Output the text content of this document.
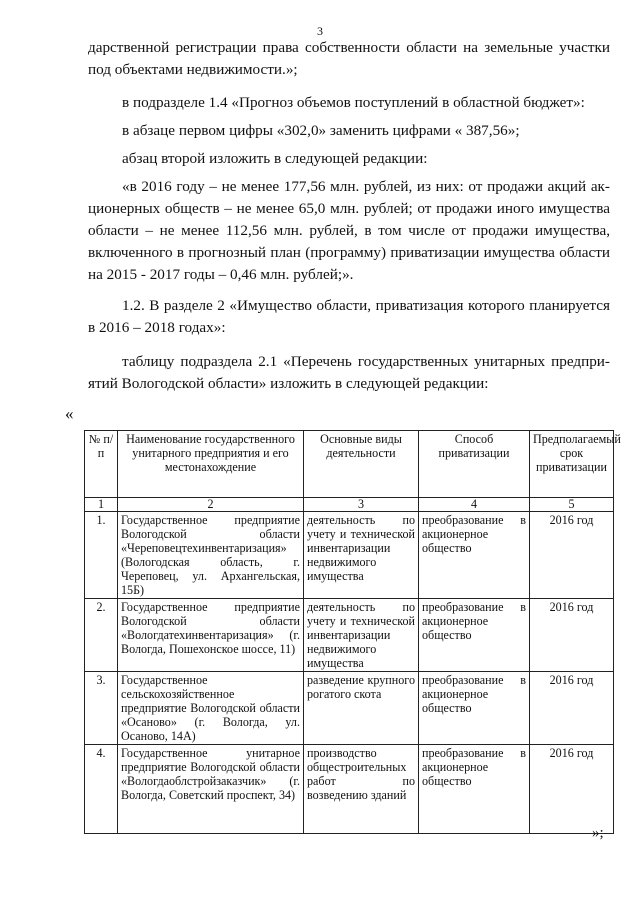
3
дарственной регистрации права собственности области на земельные участки
под объектами недвижимости.»;
в подразделе 1.4 «Прогноз объемов поступлений в областной бюджет»:
в абзаце первом цифры «302,0» заменить цифрами « 387,56»;
абзац второй изложить в следующей редакции:
«в 2016 году – не менее 177,56 млн. рублей, из них: от продажи акций ак-
ционерных обществ – не менее 65,0 млн. рублей; от продажи иного имущества
области – не менее 112,56 млн. рублей, в том числе от продажи имущества,
включенного в прогнозный план (программу) приватизации имущества области
на 2015 - 2017 годы – 0,46 млн. рублей;».
1.2. В разделе 2 «Имущество области, приватизация которого планируется
в 2016 – 2018 годах»:
таблицу подраздела 2.1 «Перечень государственных унитарных предпри-
ятий Вологодской области» изложить в следующей редакции:
«
№ п/п	Наименование государственного унитарного предприятия и его местонахождение	Основные виды деятельности	Способ приватизации	Предполагаемый срок приватизации
1	2	3	4	5
1.	Государственное предприятие Вологодской области «Череповецтехинвентаризация» (Вологодская область, г. Череповец, ул. Архангельская, 15Б)	деятельность по учету и технической инвентаризации недвижимого имущества	преобразование в акционерное общество	2016 год
2.	Государственное предприятие Вологодской области «Вологдатехинвентаризация» (г. Вологда, Пошехонское шоссе, 11)	деятельность по учету и технической инвентаризации недвижимого имущества	преобразование в акционерное общество	2016 год
3.	Государственное сельскохозяйственное предприятие Вологодской области «Осаново» (г. Вологда, ул. Осаново, 14А)	разведение крупного рогатого скота	преобразование в акционерное общество	2016 год
4.	Государственное унитарное предприятие Вологодской области «Вологдаоблстройзаказчик» (г. Вологда, Советский проспект, 34)	производство общестроительных работ по возведению зданий	преобразование в акционерное общество	2016 год
»;
